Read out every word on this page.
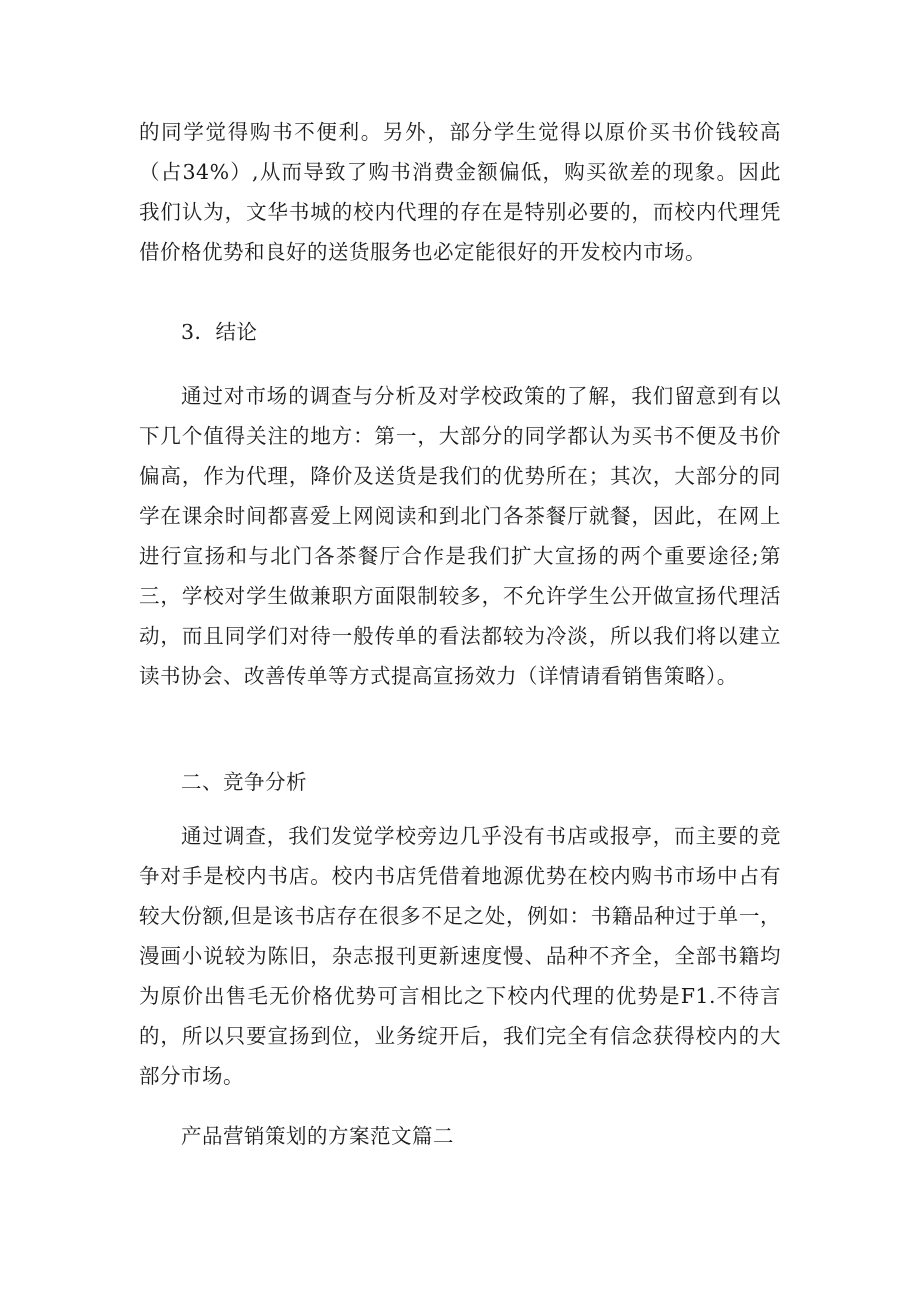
的同学觉得购书不便利。另外，部分学生觉得以原价买书价钱较高（占34%）,从而导致了购书消费金额偏低，购买欲差的现象。因此我们认为，文华书城的校内代理的存在是特别必要的，而校内代理凭借价格优势和良好的送货服务也必定能很好的开发校内市场。

3．结论

通过对市场的调查与分析及对学校政策的了解，我们留意到有以下几个值得关注的地方：第一，大部分的同学都认为买书不便及书价偏高，作为代理，降价及送货是我们的优势所在；其次，大部分的同学在课余时间都喜爱上网阅读和到北门各茶餐厅就餐，因此，在网上进行宣扬和与北门各茶餐厅合作是我们扩大宣扬的两个重要途径;第三，学校对学生做兼职方面限制较多，不允许学生公开做宣扬代理活动，而且同学们对待一般传单的看法都较为冷淡，所以我们将以建立读书协会、改善传单等方式提高宣扬效力（详情请看销售策略）。

二、竞争分析

通过调查，我们发觉学校旁边几乎没有书店或报亭，而主要的竞争对手是校内书店。校内书店凭借着地源优势在校内购书市场中占有较大份额,但是该书店存在很多不足之处，例如：书籍品种过于单一，漫画小说较为陈旧，杂志报刊更新速度慢、品种不齐全，全部书籍均为原价出售毛无价格优势可言相比之下校内代理的优势是F1.不待言的，所以只要宣扬到位，业务绽开后，我们完全有信念获得校内的大部分市场。

产品营销策划的方案范文篇二
